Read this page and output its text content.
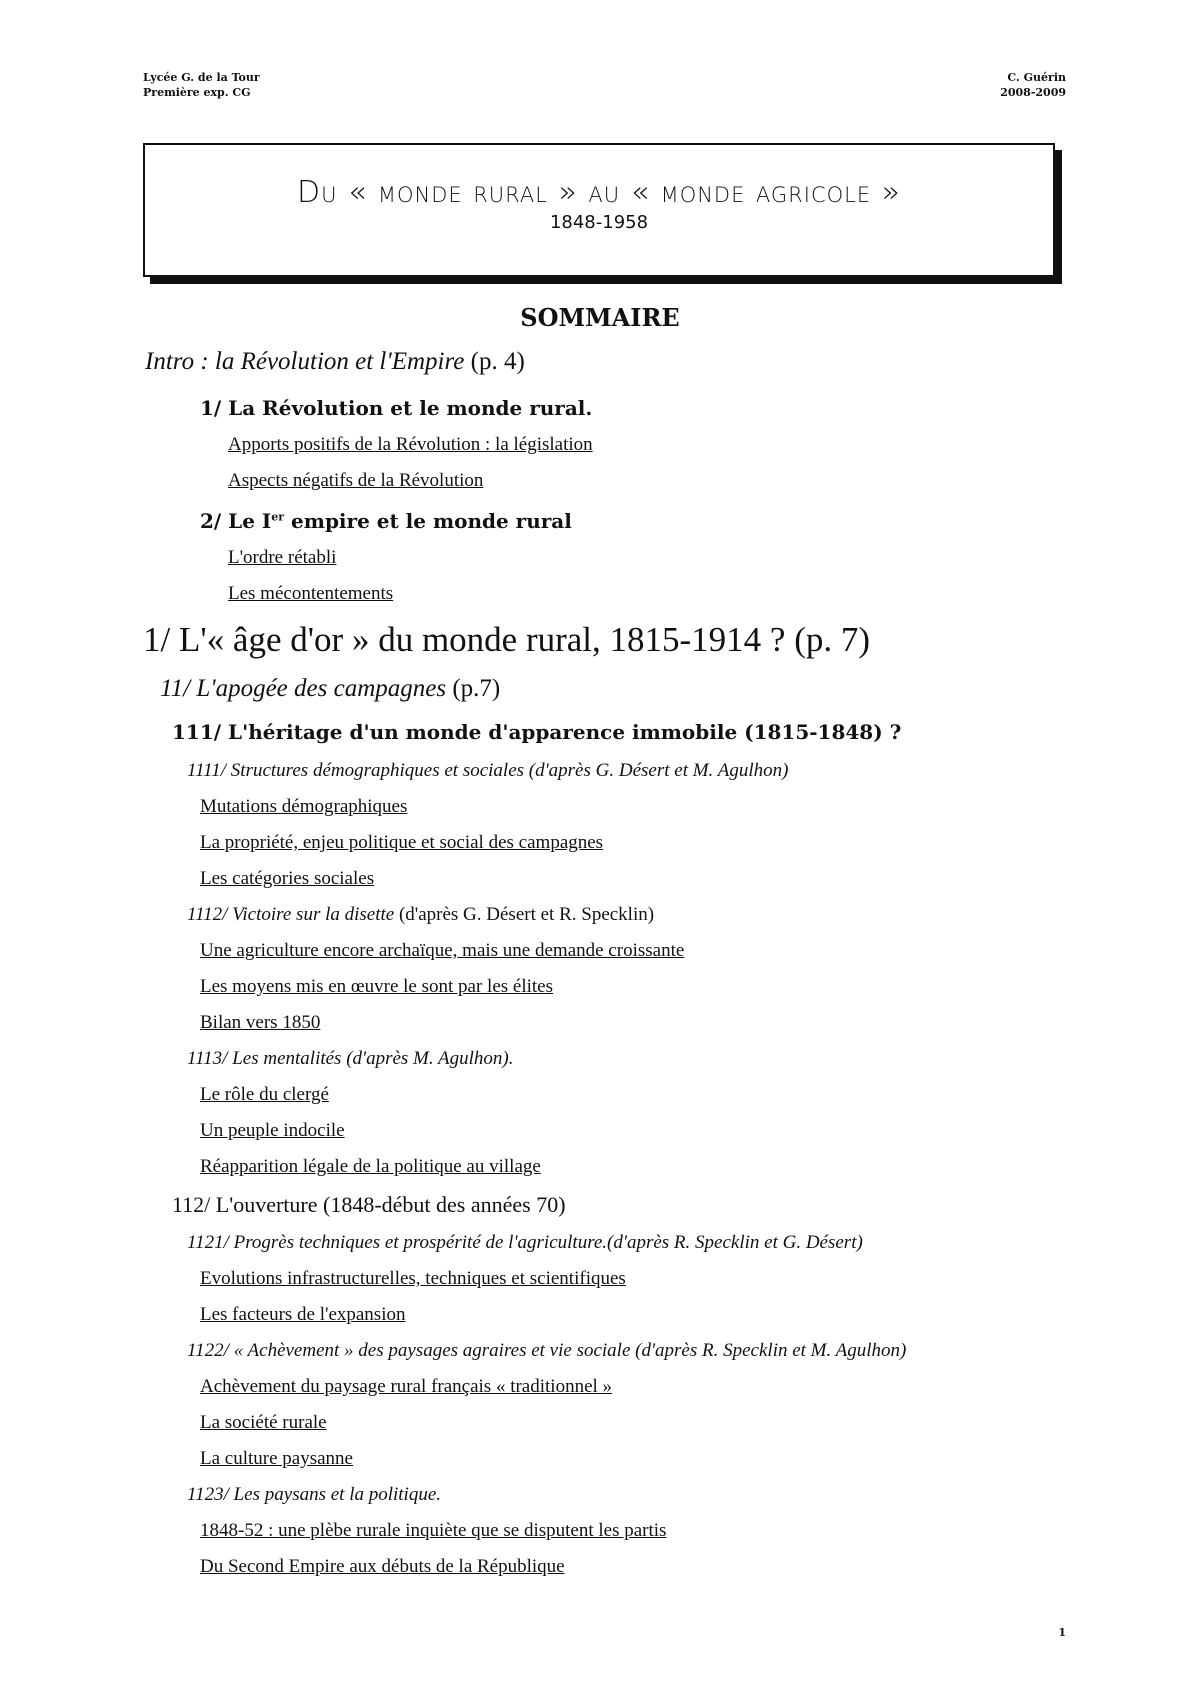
Lycée G. de la Tour
Première exp. CG
C. Guérin
2008-2009
Du « monde rural » au « monde agricole »
1848-1958
SOMMAIRE
Intro : la Révolution et l'Empire (p. 4)
1/ La Révolution et le monde rural.
Apports positifs de la Révolution : la législation
Aspects négatifs de la Révolution
2/ Le Ier empire et le monde rural
L'ordre rétabli
Les mécontentements
1/ L'« âge d'or » du monde rural, 1815-1914 ? (p. 7)
11/ L'apogée des campagnes (p.7)
111/ L'héritage d'un monde d'apparence immobile (1815-1848) ?
1111/ Structures démographiques et sociales (d'après G. Désert et M. Agulhon)
Mutations démographiques
La propriété, enjeu politique et social des campagnes
Les catégories sociales
1112/ Victoire sur la disette (d'après G. Désert et R. Specklin)
Une agriculture encore archaïque, mais une demande croissante
Les moyens mis en œuvre le sont par les élites
Bilan vers 1850
1113/ Les mentalités (d'après M. Agulhon).
Le rôle du clergé
Un peuple indocile
Réapparition légale de la politique au village
112/ L'ouverture (1848-début des années 70)
1121/ Progrès techniques et prospérité de l'agriculture.(d'après R. Specklin et G. Désert)
Evolutions infrastructurelles, techniques et scientifiques
Les facteurs de l'expansion
1122/ « Achèvement » des paysages agraires et vie sociale (d'après R. Specklin et M. Agulhon)
Achèvement du paysage rural français « traditionnel »
La société rurale
La culture paysanne
1123/ Les paysans et la politique.
1848-52 : une plèbe rurale inquiète que se disputent les partis
Du Second Empire aux débuts de la République
1
